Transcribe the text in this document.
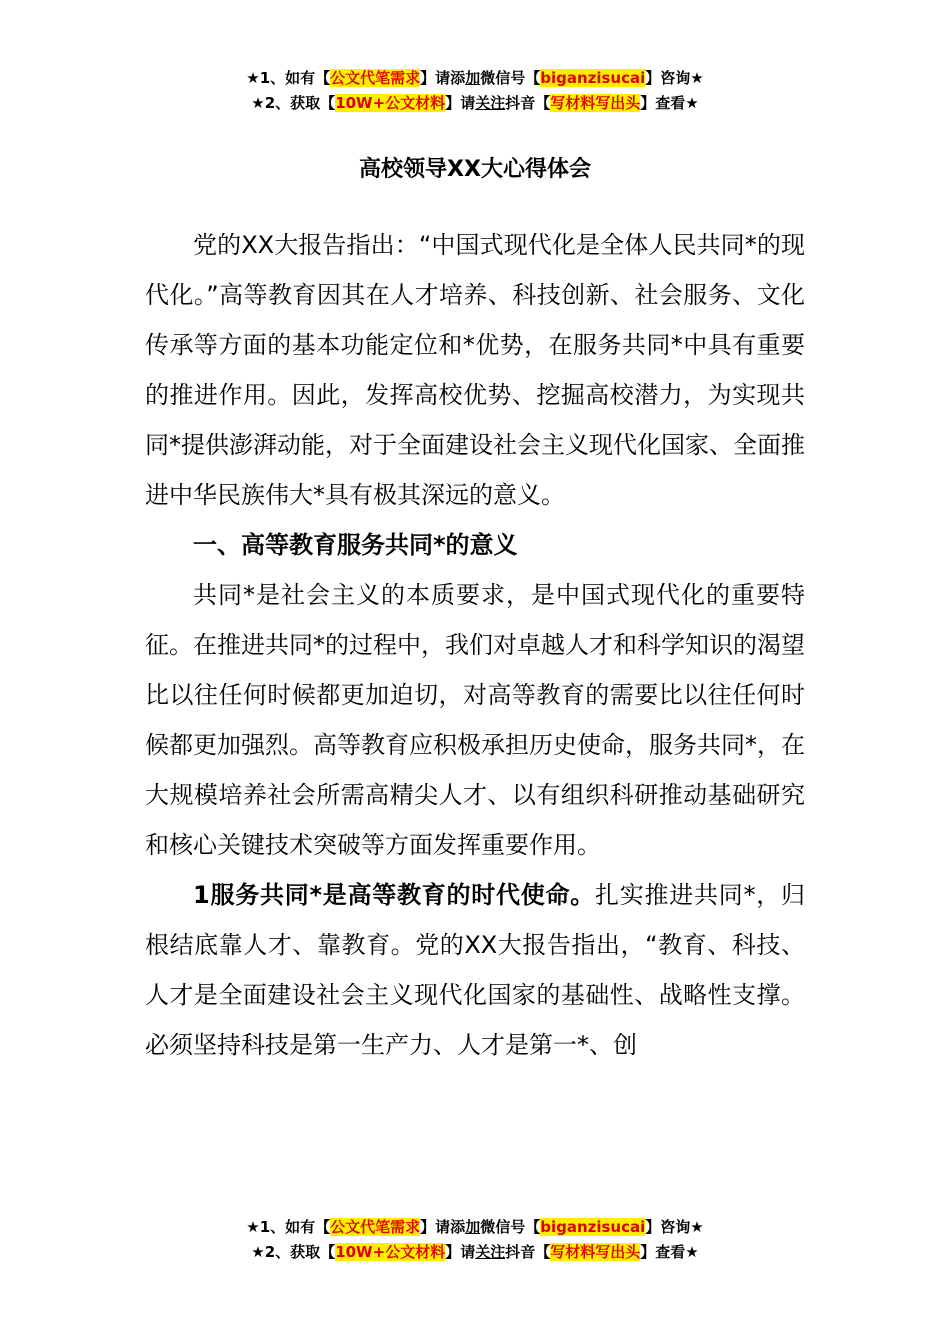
★1、如有【公文代笔需求】请添加微信号【biganzisucai】咨询★
★2、获取【10W+公文材料】请关注抖音【写材料写出头】查看★
高校领导XX大心得体会

党的XX大报告指出：“中国式现代化是全体人民共同*的现代化。”高等教育因其在人才培养、科技创新、社会服务、文化传承等方面的基本功能定位和*优势，在服务共同*中具有重要的推进作用。因此，发挥高校优势、挖掘高校潜力，为实现共同*提供澎湃动能，对于全面建设社会主义现代化国家、全面推进中华民族伟大*具有极其深远的意义。

一、高等教育服务共同*的意义

共同*是社会主义的本质要求，是中国式现代化的重要特征。在推进共同*的过程中，我们对卓越人才和科学知识的渴望比以往任何时候都更加迫切，对高等教育的需要比以往任何时候都更加强烈。高等教育应积极承担历史使命，服务共同*，在大规模培养社会所需高精尖人才、以有组织科研推动基础研究和核心关键技术突破等方面发挥重要作用。

1服务共同*是高等教育的时代使命。扎实推进共同*，归根结底靠人才、靠教育。党的XX大报告指出，“教育、科技、人才是全面建设社会主义现代化国家的基础性、战略性支撑。必须坚持科技是第一生产力、人才是第一*、创

★1、如有【公文代笔需求】请添加微信号【biganzisucai】咨询★
★2、获取【10W+公文材料】请关注抖音【写材料写出头】查看★
